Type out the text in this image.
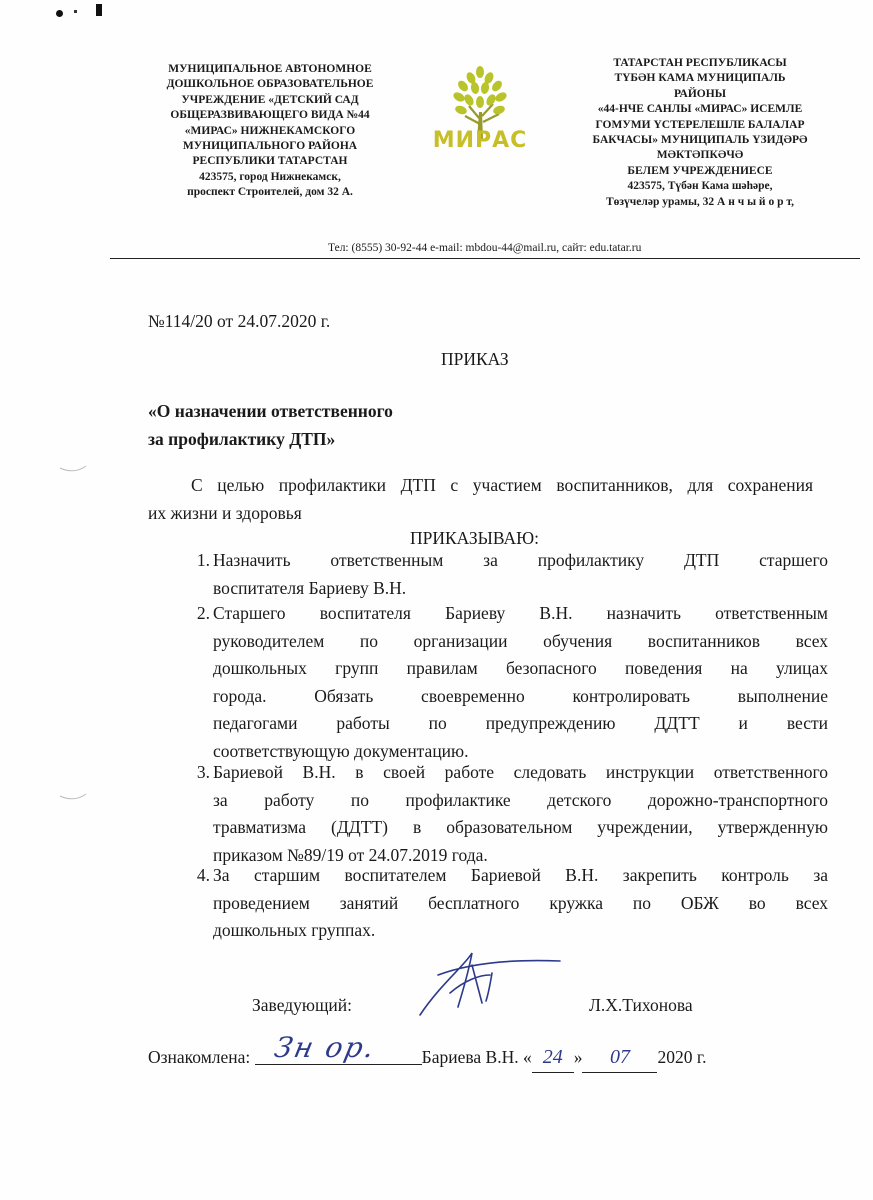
МУНИЦИПАЛЬНОЕ АВТОНОМНОЕ
ДОШКОЛЬНОЕ ОБРАЗОВАТЕЛЬНОЕ
УЧРЕЖДЕНИЕ «ДЕТСКИЙ САД
ОБЩЕРАЗВИВАЮЩЕГО ВИДА №44
«МИРАС» НИЖНЕКАМСКОГО
МУНИЦИПАЛЬНОГО РАЙОНА
РЕСПУБЛИКИ ТАТАРСТАН
423575, город Нижнекамск,
проспект Строителей, дом 32 А.
МИРАС
ТАТАРСТАН РЕСПУБЛИКАСЫ
ТҮБӘН КАМА МУНИЦИПАЛЬ
РАЙОНЫ
«44-НЧЕ САНЛЫ «МИРАС» ИСЕМЛЕ
ГОМУМИ ҮСТЕРЕЛЕШЛЕ БАЛАЛАР
БАКЧАСЫ» МУНИЦИПАЛЬ ҮЗИДӘРӘ
МӘКТӘПКӘЧӘ
БЕЛЕМ УЧРЕЖДЕНИЕСЕ
423575, Түбән Кама шәһәре,
Төзүчеләр урамы, 32 А н ч ы й о р т,
Тел: (8555) 30-92-44 e-mail: mbdou-44@mail.ru, сайт: edu.tatar.ru
№114/20 от 24.07.2020 г.
ПРИКАЗ
«О назначении ответственного
за профилактику ДТП»
С целью профилактики ДТП с участием воспитанников, для сохранения
их жизни и здоровья
ПРИКАЗЫВАЮ:
1. Назначить ответственным за профилактику ДТП старшего
воспитателя Бариеву В.Н.
2. Старшего воспитателя Бариеву В.Н. назначить ответственным
руководителем по организации обучения воспитанников всех
дошкольных групп правилам безопасного поведения на улицах
города. Обязать своевременно контролировать выполнение
педагогами работы по предупреждению ДДТТ и вести
соответствующую документацию.
3. Бариевой В.Н. в своей работе следовать инструкции ответственного
за работу по профилактике детского дорожно-транспортного
травматизма (ДДТТ) в образовательном учреждении, утвержденную
приказом №89/19 от 24.07.2019 года.
4. За старшим воспитателем Бариевой В.Н. закрепить контроль за
проведением занятий бесплатного кружка по ОБЖ во всех
дошкольных группах.
Заведующий:	Л.Х.Тихонова
Ознакомлена: Зн ор. Бариева В.Н. « 24 » 07 2020 г.
